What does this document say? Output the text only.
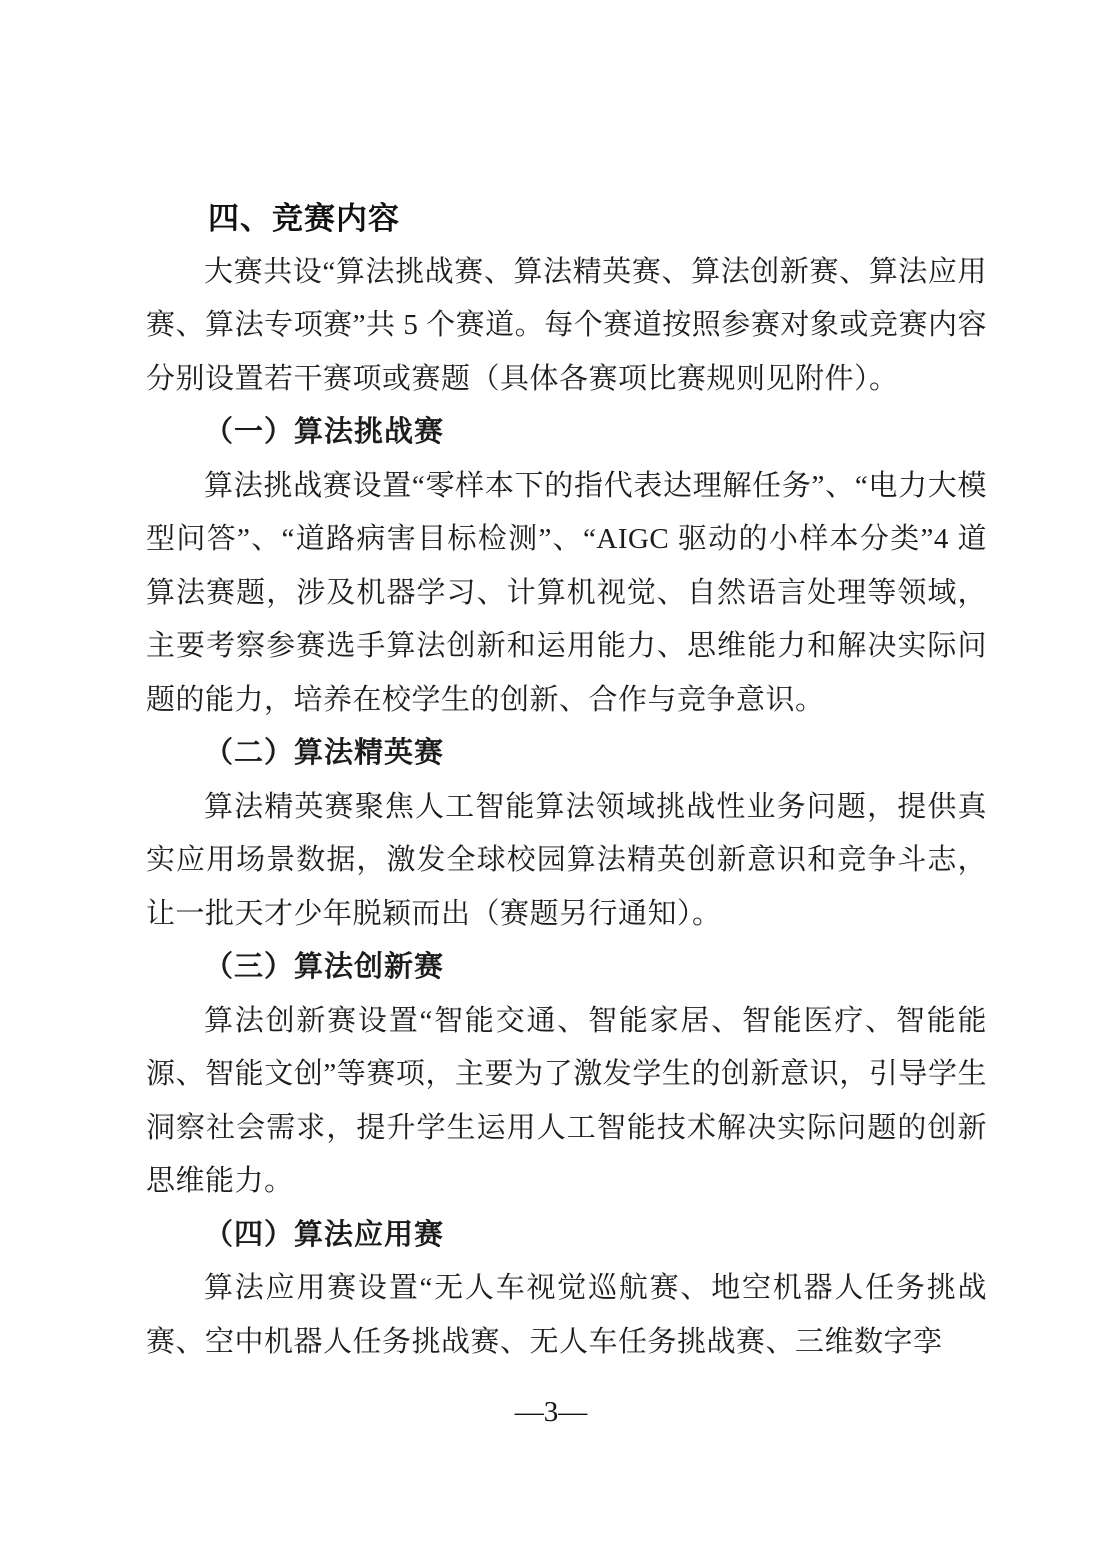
四、竞赛内容

大赛共设“算法挑战赛、算法精英赛、算法创新赛、算法应用赛、算法专项赛”共 5 个赛道。每个赛道按照参赛对象或竞赛内容分别设置若干赛项或赛题（具体各赛项比赛规则见附件）。

（一）算法挑战赛

算法挑战赛设置“零样本下的指代表达理解任务”、“电力大模型问答”、“道路病害目标检测”、“AIGC 驱动的小样本分类”4 道算法赛题，涉及机器学习、计算机视觉、自然语言处理等领域，主要考察参赛选手算法创新和运用能力、思维能力和解决实际问题的能力，培养在校学生的创新、合作与竞争意识。

（二）算法精英赛

算法精英赛聚焦人工智能算法领域挑战性业务问题，提供真实应用场景数据，激发全球校园算法精英创新意识和竞争斗志，让一批天才少年脱颖而出（赛题另行通知）。

（三）算法创新赛

算法创新赛设置“智能交通、智能家居、智能医疗、智能能源、智能文创”等赛项，主要为了激发学生的创新意识，引导学生洞察社会需求，提升学生运用人工智能技术解决实际问题的创新思维能力。

（四）算法应用赛

算法应用赛设置“无人车视觉巡航赛、地空机器人任务挑战赛、空中机器人任务挑战赛、无人车任务挑战赛、三维数字孪

—3—
